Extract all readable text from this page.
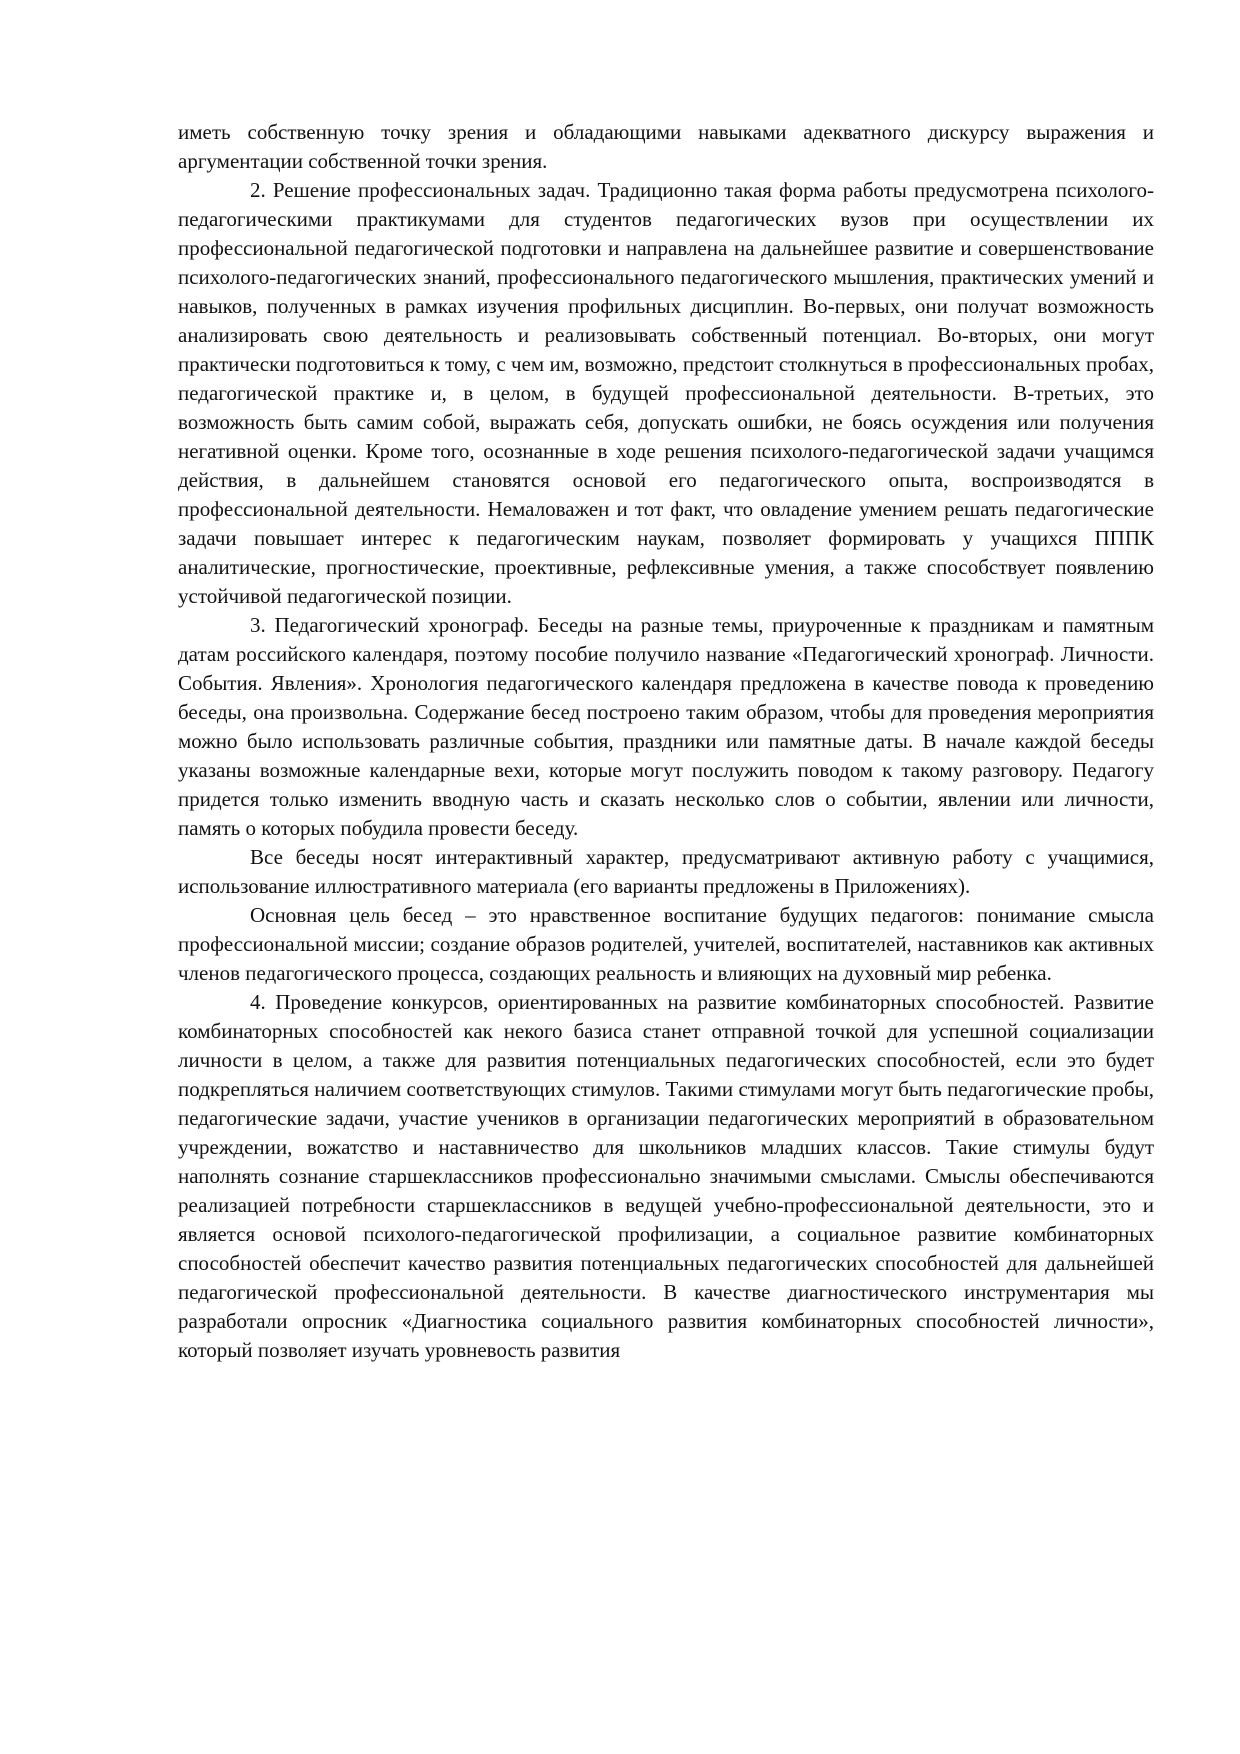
иметь собственную точку зрения и обладающими навыками адекватного дискурсу выражения и аргументации собственной точки зрения.

2. Решение профессиональных задач. Традиционно такая форма работы предусмотрена психолого-педагогическими практикумами для студентов педагогических вузов при осуществлении их профессиональной педагогической подготовки и направлена на дальнейшее развитие и совершенствование психолого-педагогических знаний, профессионального педагогического мышления, практических умений и навыков, полученных в рамках изучения профильных дисциплин. Во-первых, они получат возможность анализировать свою деятельность и реализовывать собственный потенциал. Во-вторых, они могут практически подготовиться к тому, с чем им, возможно, предстоит столкнуться в профессиональных пробах, педагогической практике и, в целом, в будущей профессиональной деятельности. В-третьих, это возможность быть самим собой, выражать себя, допускать ошибки, не боясь осуждения или получения негативной оценки. Кроме того, осознанные в ходе решения психолого-педагогической задачи учащимся действия, в дальнейшем становятся основой его педагогического опыта, воспроизводятся в профессиональной деятельности. Немаловажен и тот факт, что овладение умением решать педагогические задачи повышает интерес к педагогическим наукам, позволяет формировать у учащихся ПППК аналитические, прогностические, проективные, рефлексивные умения, а также способствует появлению устойчивой педагогической позиции.

3. Педагогический хронограф. Беседы на разные темы, приуроченные к праздникам и памятным датам российского календаря, поэтому пособие получило название «Педагогический хронограф. Личности. События. Явления». Хронология педагогического календаря предложена в качестве повода к проведению беседы, она произвольна. Содержание бесед построено таким образом, чтобы для проведения мероприятия можно было использовать различные события, праздники или памятные даты. В начале каждой беседы указаны возможные календарные вехи, которые могут послужить поводом к такому разговору. Педагогу придется только изменить вводную часть и сказать несколько слов о событии, явлении или личности, память о которых побудила провести беседу.

Все беседы носят интерактивный характер, предусматривают активную работу с учащимися, использование иллюстративного материала (его варианты предложены в Приложениях).

Основная цель бесед – это нравственное воспитание будущих педагогов: понимание смысла профессиональной миссии; создание образов родителей, учителей, воспитателей, наставников как активных членов педагогического процесса, создающих реальность и влияющих на духовный мир ребенка.

4. Проведение конкурсов, ориентированных на развитие комбинаторных способностей. Развитие комбинаторных способностей как некого базиса станет отправной точкой для успешной социализации личности в целом, а также для развития потенциальных педагогических способностей, если это будет подкрепляться наличием соответствующих стимулов. Такими стимулами могут быть педагогические пробы, педагогические задачи, участие учеников в организации педагогических мероприятий в образовательном учреждении, вожатство и наставничество для школьников младших классов. Такие стимулы будут наполнять сознание старшеклассников профессионально значимыми смыслами. Смыслы обеспечиваются реализацией потребности старшеклассников в ведущей учебно-профессиональной деятельности, это и является основой психолого-педагогической профилизации, а социальное развитие комбинаторных способностей обеспечит качество развития потенциальных педагогических способностей для дальнейшей педагогической профессиональной деятельности. В качестве диагностического инструментария мы разработали опросник «Диагностика социального развития комбинаторных способностей личности», который позволяет изучать уровневость развития
